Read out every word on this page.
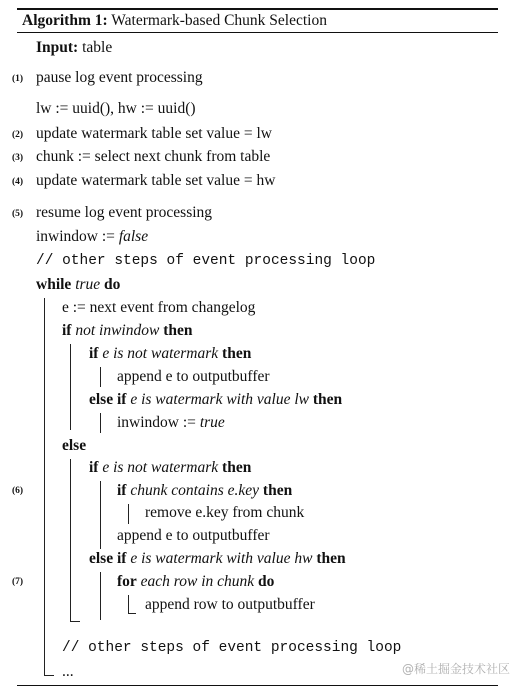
Algorithm 1: Watermark-based Chunk Selection
Input: table
(1)
(2)
(3)
(4)
(5)
(6)
(7)
pause log event processing
lw := uuid(), hw := uuid()
update watermark table set value = lw
chunk := select next chunk from table
update watermark table set value = hw
resume log event processing
inwindow := false
// other steps of event processing loop
while true do
e := next event from changelog
if not inwindow then
if e is not watermark then
append e to outputbuffer
else if e is watermark with value lw then
inwindow := true
else
if e is not watermark then
if chunk contains e.key then
remove e.key from chunk
append e to outputbuffer
else if e is watermark with value hw then
for each row in chunk do
append row to outputbuffer
// other steps of event processing loop
...	@稀土掘金技术社区
